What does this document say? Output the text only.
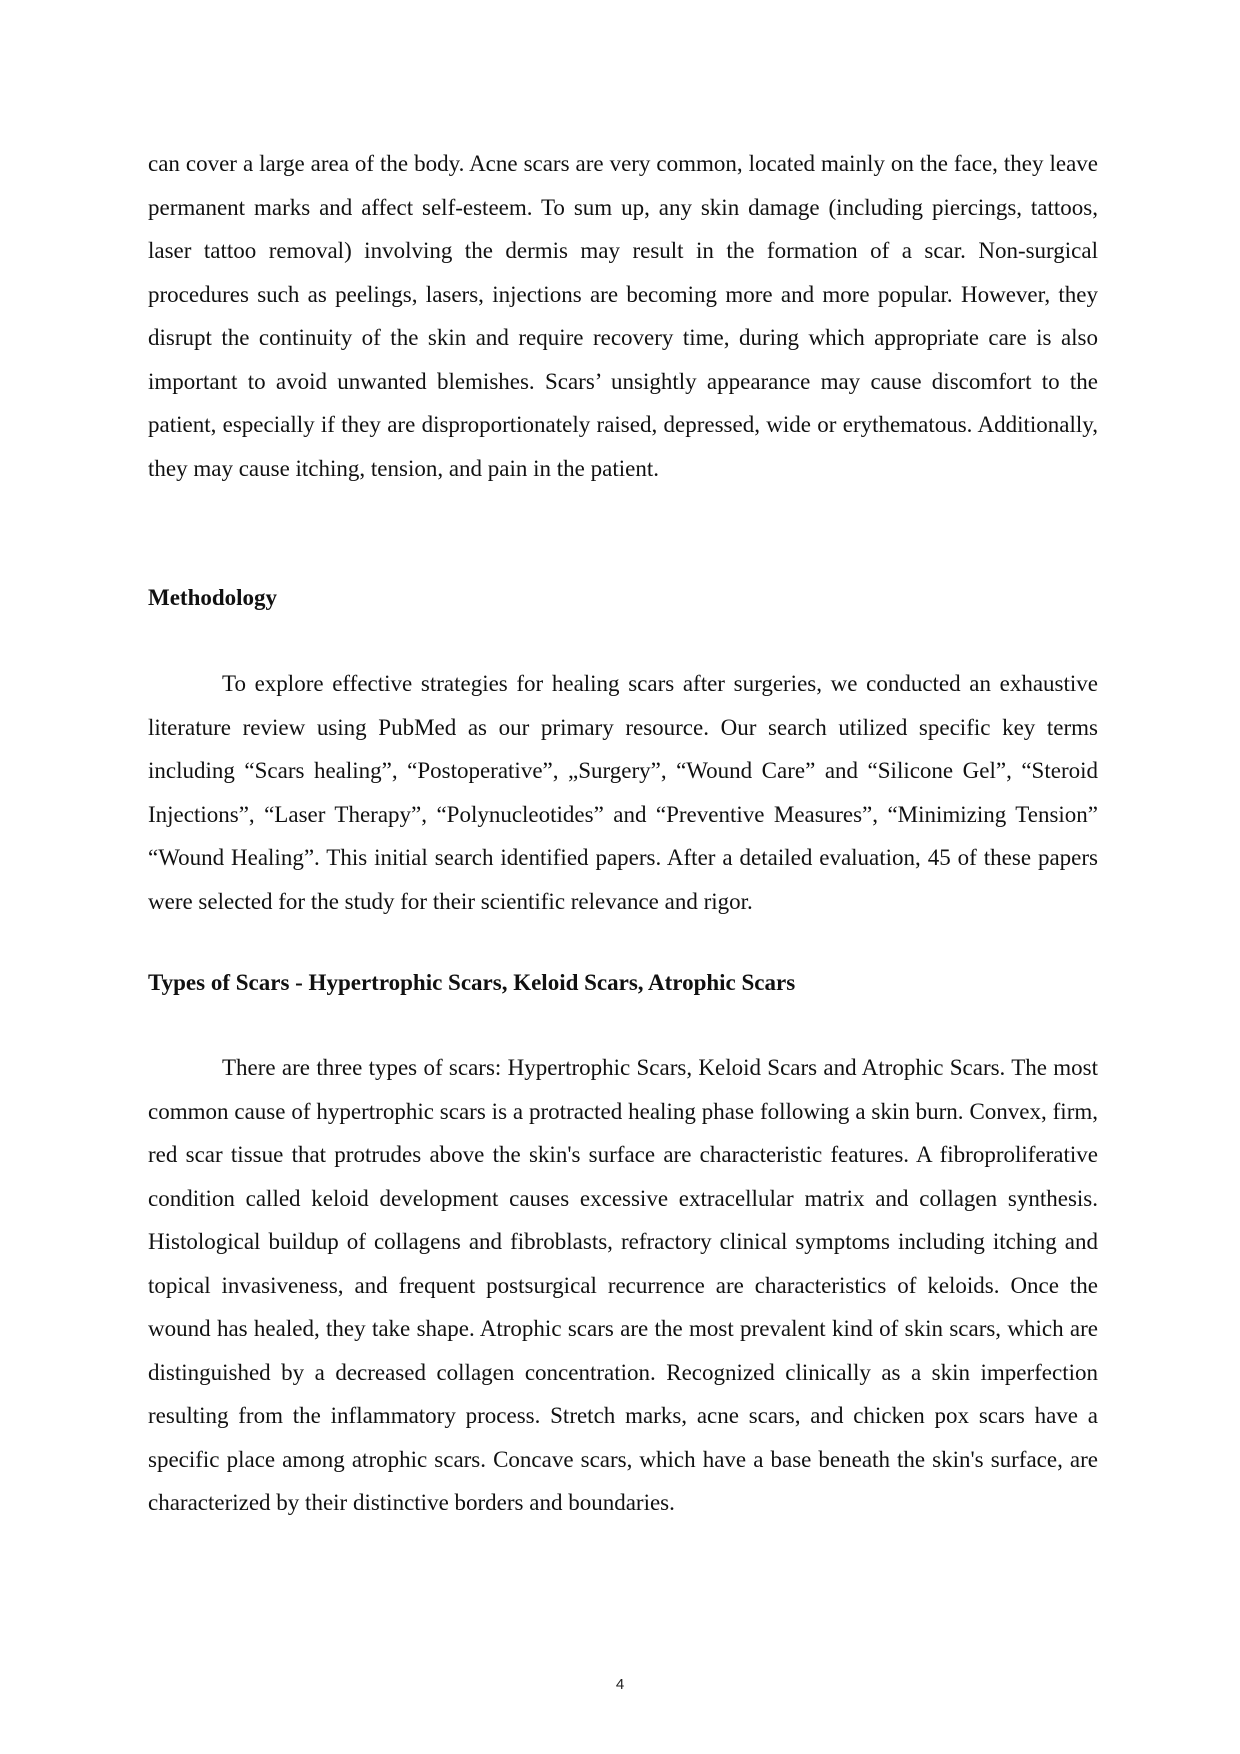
can cover a large area of the body. Acne scars are very common, located mainly on the face, they leave permanent marks and affect self-esteem. To sum up, any skin damage (including piercings, tattoos, laser tattoo removal) involving the dermis may result in the formation of a scar. Non-surgical procedures such as peelings, lasers, injections are becoming more and more popular. However, they disrupt the continuity of the skin and require recovery time, during which appropriate care is also important to avoid unwanted blemishes. Scars’ unsightly appearance may cause discomfort to the patient, especially if they are disproportionately raised, depressed, wide or erythematous. Additionally, they may cause itching, tension, and pain in the patient.

Methodology

To explore effective strategies for healing scars after surgeries, we conducted an exhaustive literature review using PubMed as our primary resource. Our search utilized specific key terms including “Scars healing”, “Postoperative”, „Surgery”, “Wound Care” and “Silicone Gel”, “Steroid Injections”, “Laser Therapy”, “Polynucleotides” and “Preventive Measures”, “Minimizing Tension” “Wound Healing”. This initial search identified papers. After a detailed evaluation, 45 of these papers were selected for the study for their scientific relevance and rigor.

Types of Scars - Hypertrophic Scars, Keloid Scars, Atrophic Scars

There are three types of scars: Hypertrophic Scars, Keloid Scars and Atrophic Scars. The most common cause of hypertrophic scars is a protracted healing phase following a skin burn. Convex, firm, red scar tissue that protrudes above the skin's surface are characteristic features. A fibroproliferative condition called keloid development causes excessive extracellular matrix and collagen synthesis. Histological buildup of collagens and fibroblasts, refractory clinical symptoms including itching and topical invasiveness, and frequent postsurgical recurrence are characteristics of keloids. Once the wound has healed, they take shape. Atrophic scars are the most prevalent kind of skin scars, which are distinguished by a decreased collagen concentration. Recognized clinically as a skin imperfection resulting from the inflammatory process. Stretch marks, acne scars, and chicken pox scars have a specific place among atrophic scars. Concave scars, which have a base beneath the skin's surface, are characterized by their distinctive borders and boundaries.

4
